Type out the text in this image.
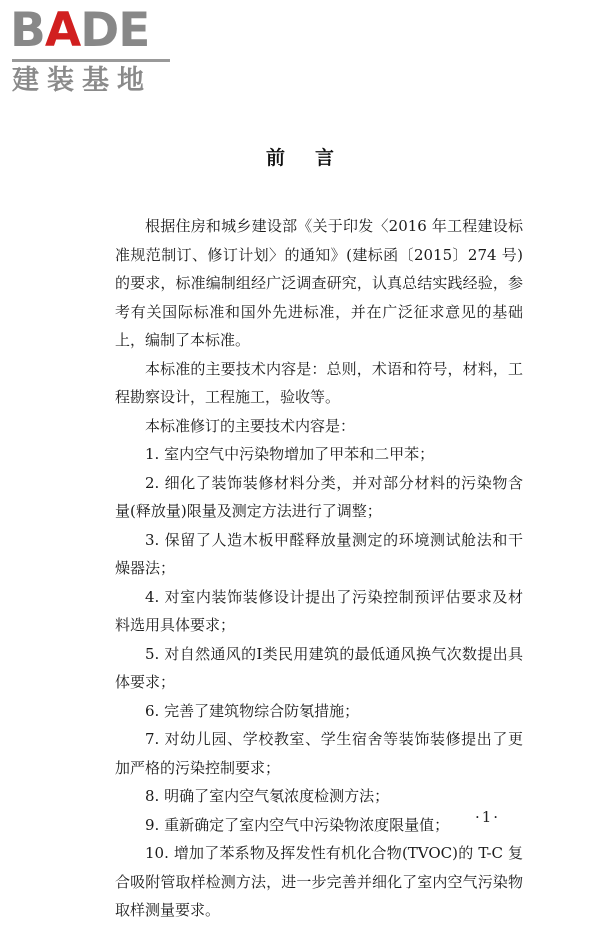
BADE
建装基地
前言

根据住房和城乡建设部《关于印发〈2016 年工程建设标准规范制订、修订计划〉的通知》(建标函〔2015〕274 号)的要求，标准编制组经广泛调查研究，认真总结实践经验，参考有关国际标准和国外先进标准，并在广泛征求意见的基础上，编制了本标准。

本标准的主要技术内容是：总则，术语和符号，材料，工程勘察设计，工程施工，验收等。

本标准修订的主要技术内容是：

1. 室内空气中污染物增加了甲苯和二甲苯；

2. 细化了装饰装修材料分类，并对部分材料的污染物含量(释放量)限量及测定方法进行了调整；

3. 保留了人造木板甲醛释放量测定的环境测试舱法和干燥器法；

4. 对室内装饰装修设计提出了污染控制预评估要求及材料选用具体要求；

5. 对自然通风的Ⅰ类民用建筑的最低通风换气次数提出具体要求；

6. 完善了建筑物综合防氡措施；

7. 对幼儿园、学校教室、学生宿舍等装饰装修提出了更加严格的污染控制要求；

8. 明确了室内空气氡浓度检测方法；

9. 重新确定了室内空气中污染物浓度限量值；

10. 增加了苯系物及挥发性有机化合物(TVOC)的 T-C 复合吸附管取样检测方法，进一步完善并细化了室内空气污染物取样测量要求。

·1·
